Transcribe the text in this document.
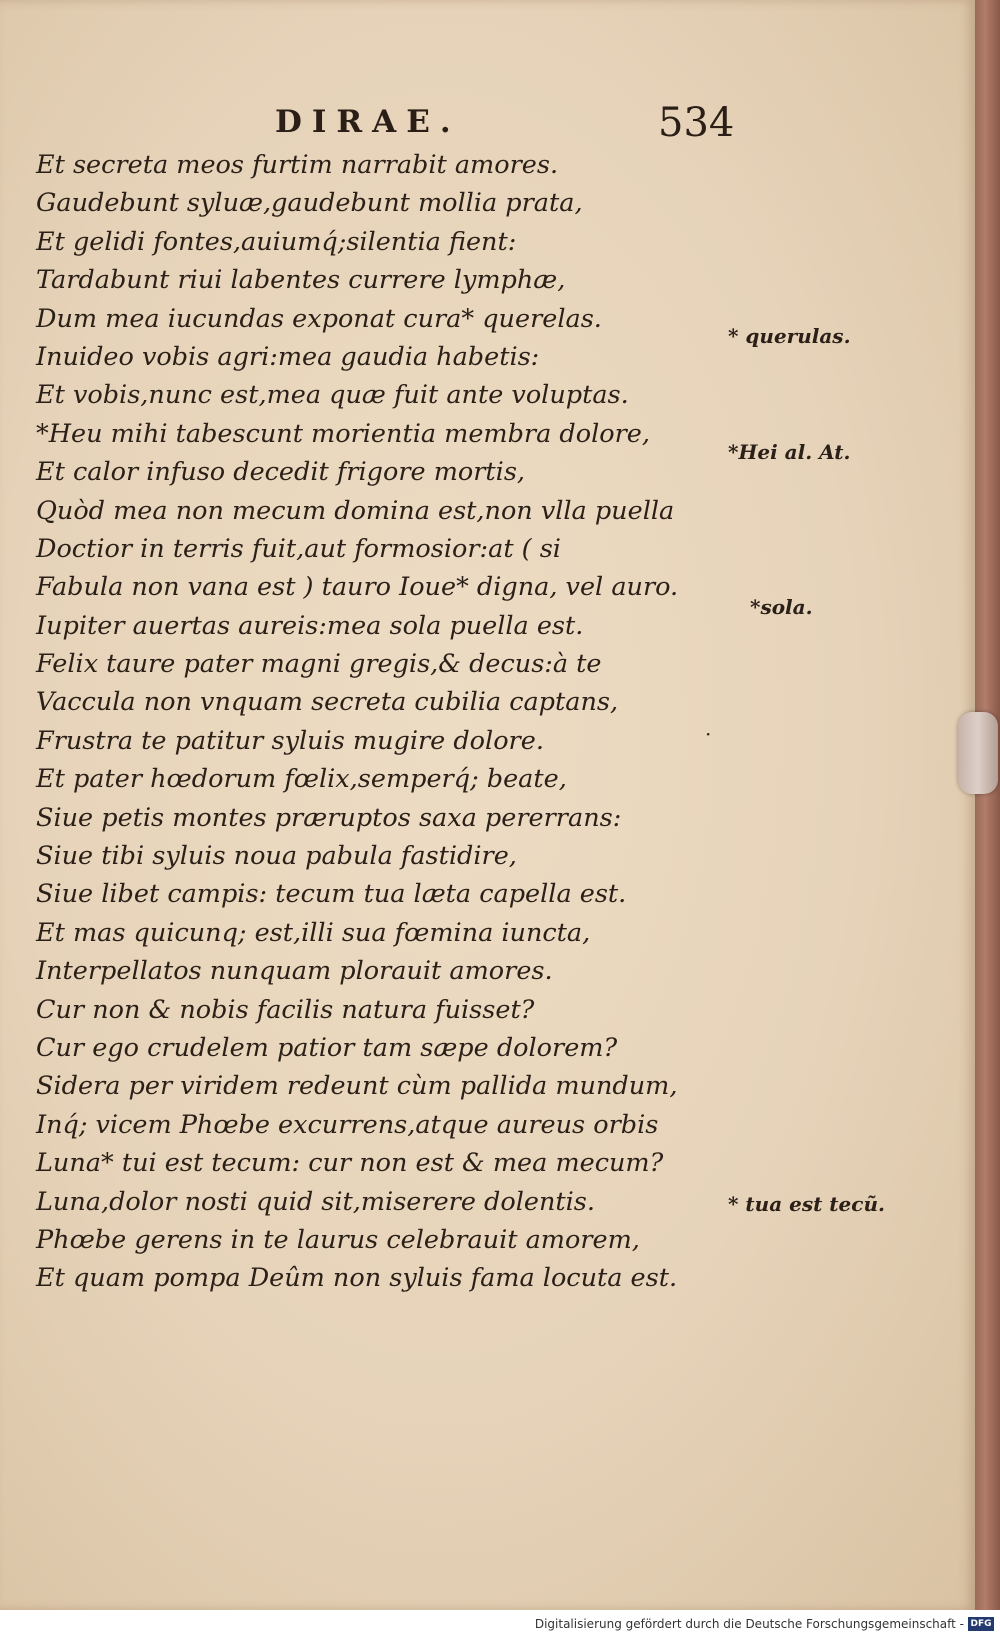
DIRAE.	534
Et secreta meos furtim narrabit amores.
Gaudebunt syluæ,gaudebunt mollia prata,
Et gelidi fontes,auiumq́;silentia fient:
Tardabunt riui labentes currere lymphæ,
Dum mea iucundas exponat cura* querelas.
Inuideo vobis agri:mea gaudia habetis:
Et vobis,nunc est,mea quæ fuit ante voluptas.
*Heu mihi tabescunt morientia membra dolore,
Et calor infuso decedit frigore mortis,
Quòd mea non mecum domina est,non vlla puella
Doctior in terris fuit,aut formosior:at ( si
Fabula non vana est ) tauro Ioue* digna, vel auro.
Iupiter auertas aureis:mea sola puella est.
Felix taure pater magni gregis,& decus:à te
Vaccula non vnquam secreta cubilia captans,
Frustra te patitur syluis mugire dolore.
Et pater hœdorum fœlix,semperq́; beate,
Siue petis montes præruptos saxa pererrans:
Siue tibi syluis noua pabula fastidire,
Siue libet campis: tecum tua læta capella est.
Et mas quicunq; est,illi sua fœmina iuncta,
Interpellatos nunquam plorauit amores.
Cur non & nobis facilis natura fuisset?
Cur ego crudelem patior tam sæpe dolorem?
Sidera per viridem redeunt cùm pallida mundum,
Inq́; vicem Phœbe excurrens,atque aureus orbis
Luna* tui est tecum: cur non est & mea mecum?
Luna,dolor nosti quid sit,miserere dolentis.
Phœbe gerens in te laurus celebrauit amorem,
Et quam pompa Deûm non syluis fama locuta est.
* querulas.
*Hei al. At.
*sola.
* tua est tecũ.
·
Digitalisierung gefördert durch die Deutsche Forschungsgemeinschaft - DFG
